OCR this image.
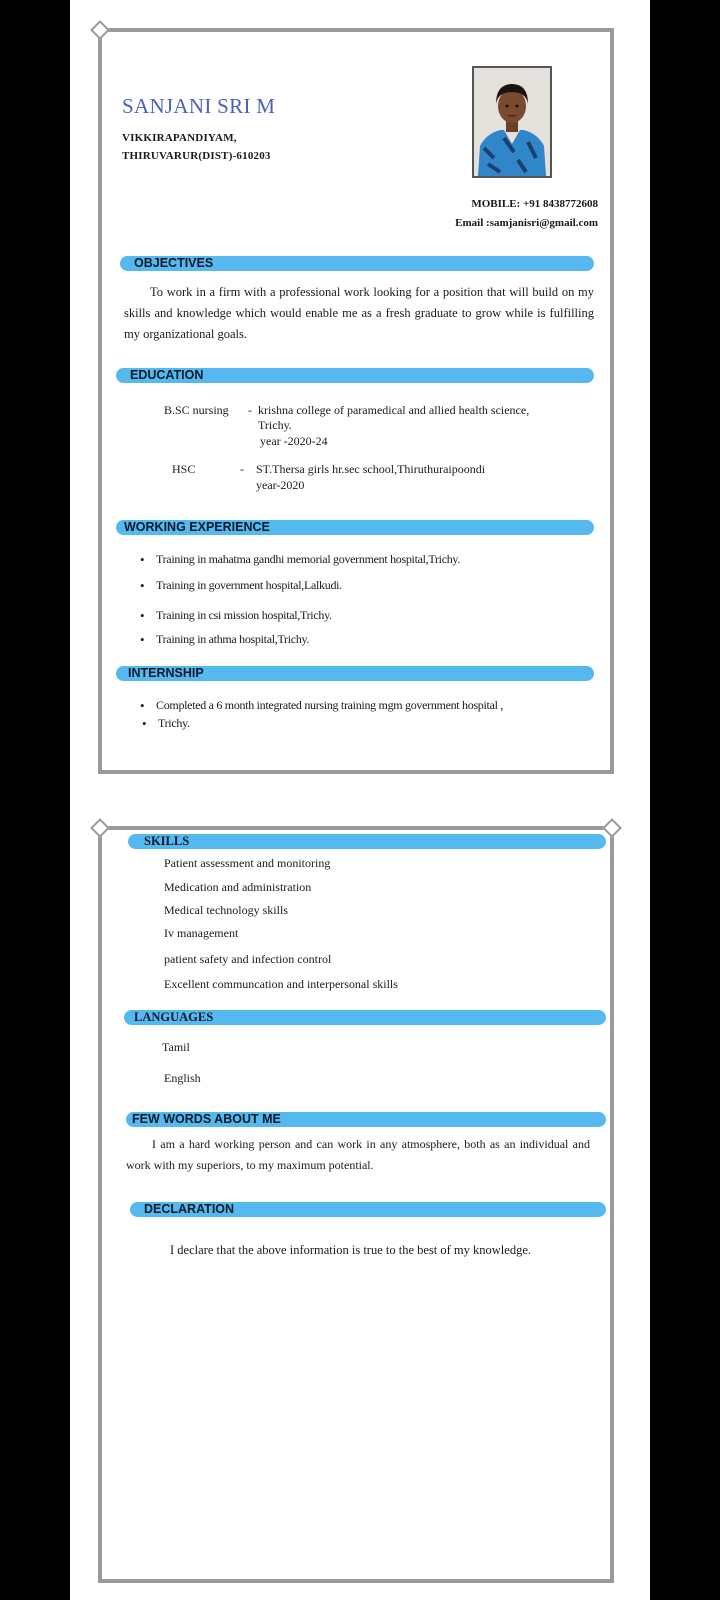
SANJANI SRI M
VIKKIRAPANDIYAM,
THIRUVARUR(DIST)-610203
MOBILE: +91 8438772608
Email :samjanisri@gmail.com
OBJECTIVES
To work in a firm with a professional work looking for a position that will build on my skills and knowledge which would enable me as a fresh graduate to grow while is fulfilling my organizational goals.
EDUCATION
B.SC nursing - krishna college of paramedical and allied health science,
Trichy.
year -2020-24
HSC	- ST.Thersa girls hr.sec school,Thiruthuraipoondi
year-2020
WORKING EXPERIENCE
• Training in mahatma gandhi memorial government hospital,Trichy.
• Training in government hospital,Lalkudi.
• Training in csi mission hospital,Trichy.
• Training in athma hospital,Trichy.
INTERNSHIP
• Completed a 6 month integrated nursing training mgm government hospital ,
• Trichy.
SKILLS
Patient assessment and monitoring
Medication and administration
Medical technology skills
Iv management
patient safety and infection control
Excellent communcation and interpersonal skills
LANGUAGES
Tamil
English
FEW WORDS ABOUT ME
I am a hard working person and can work in any atmosphere, both as an individual and work with my superiors, to my maximum potential.
DECLARATION
I declare that the above information is true to the best of my knowledge.
